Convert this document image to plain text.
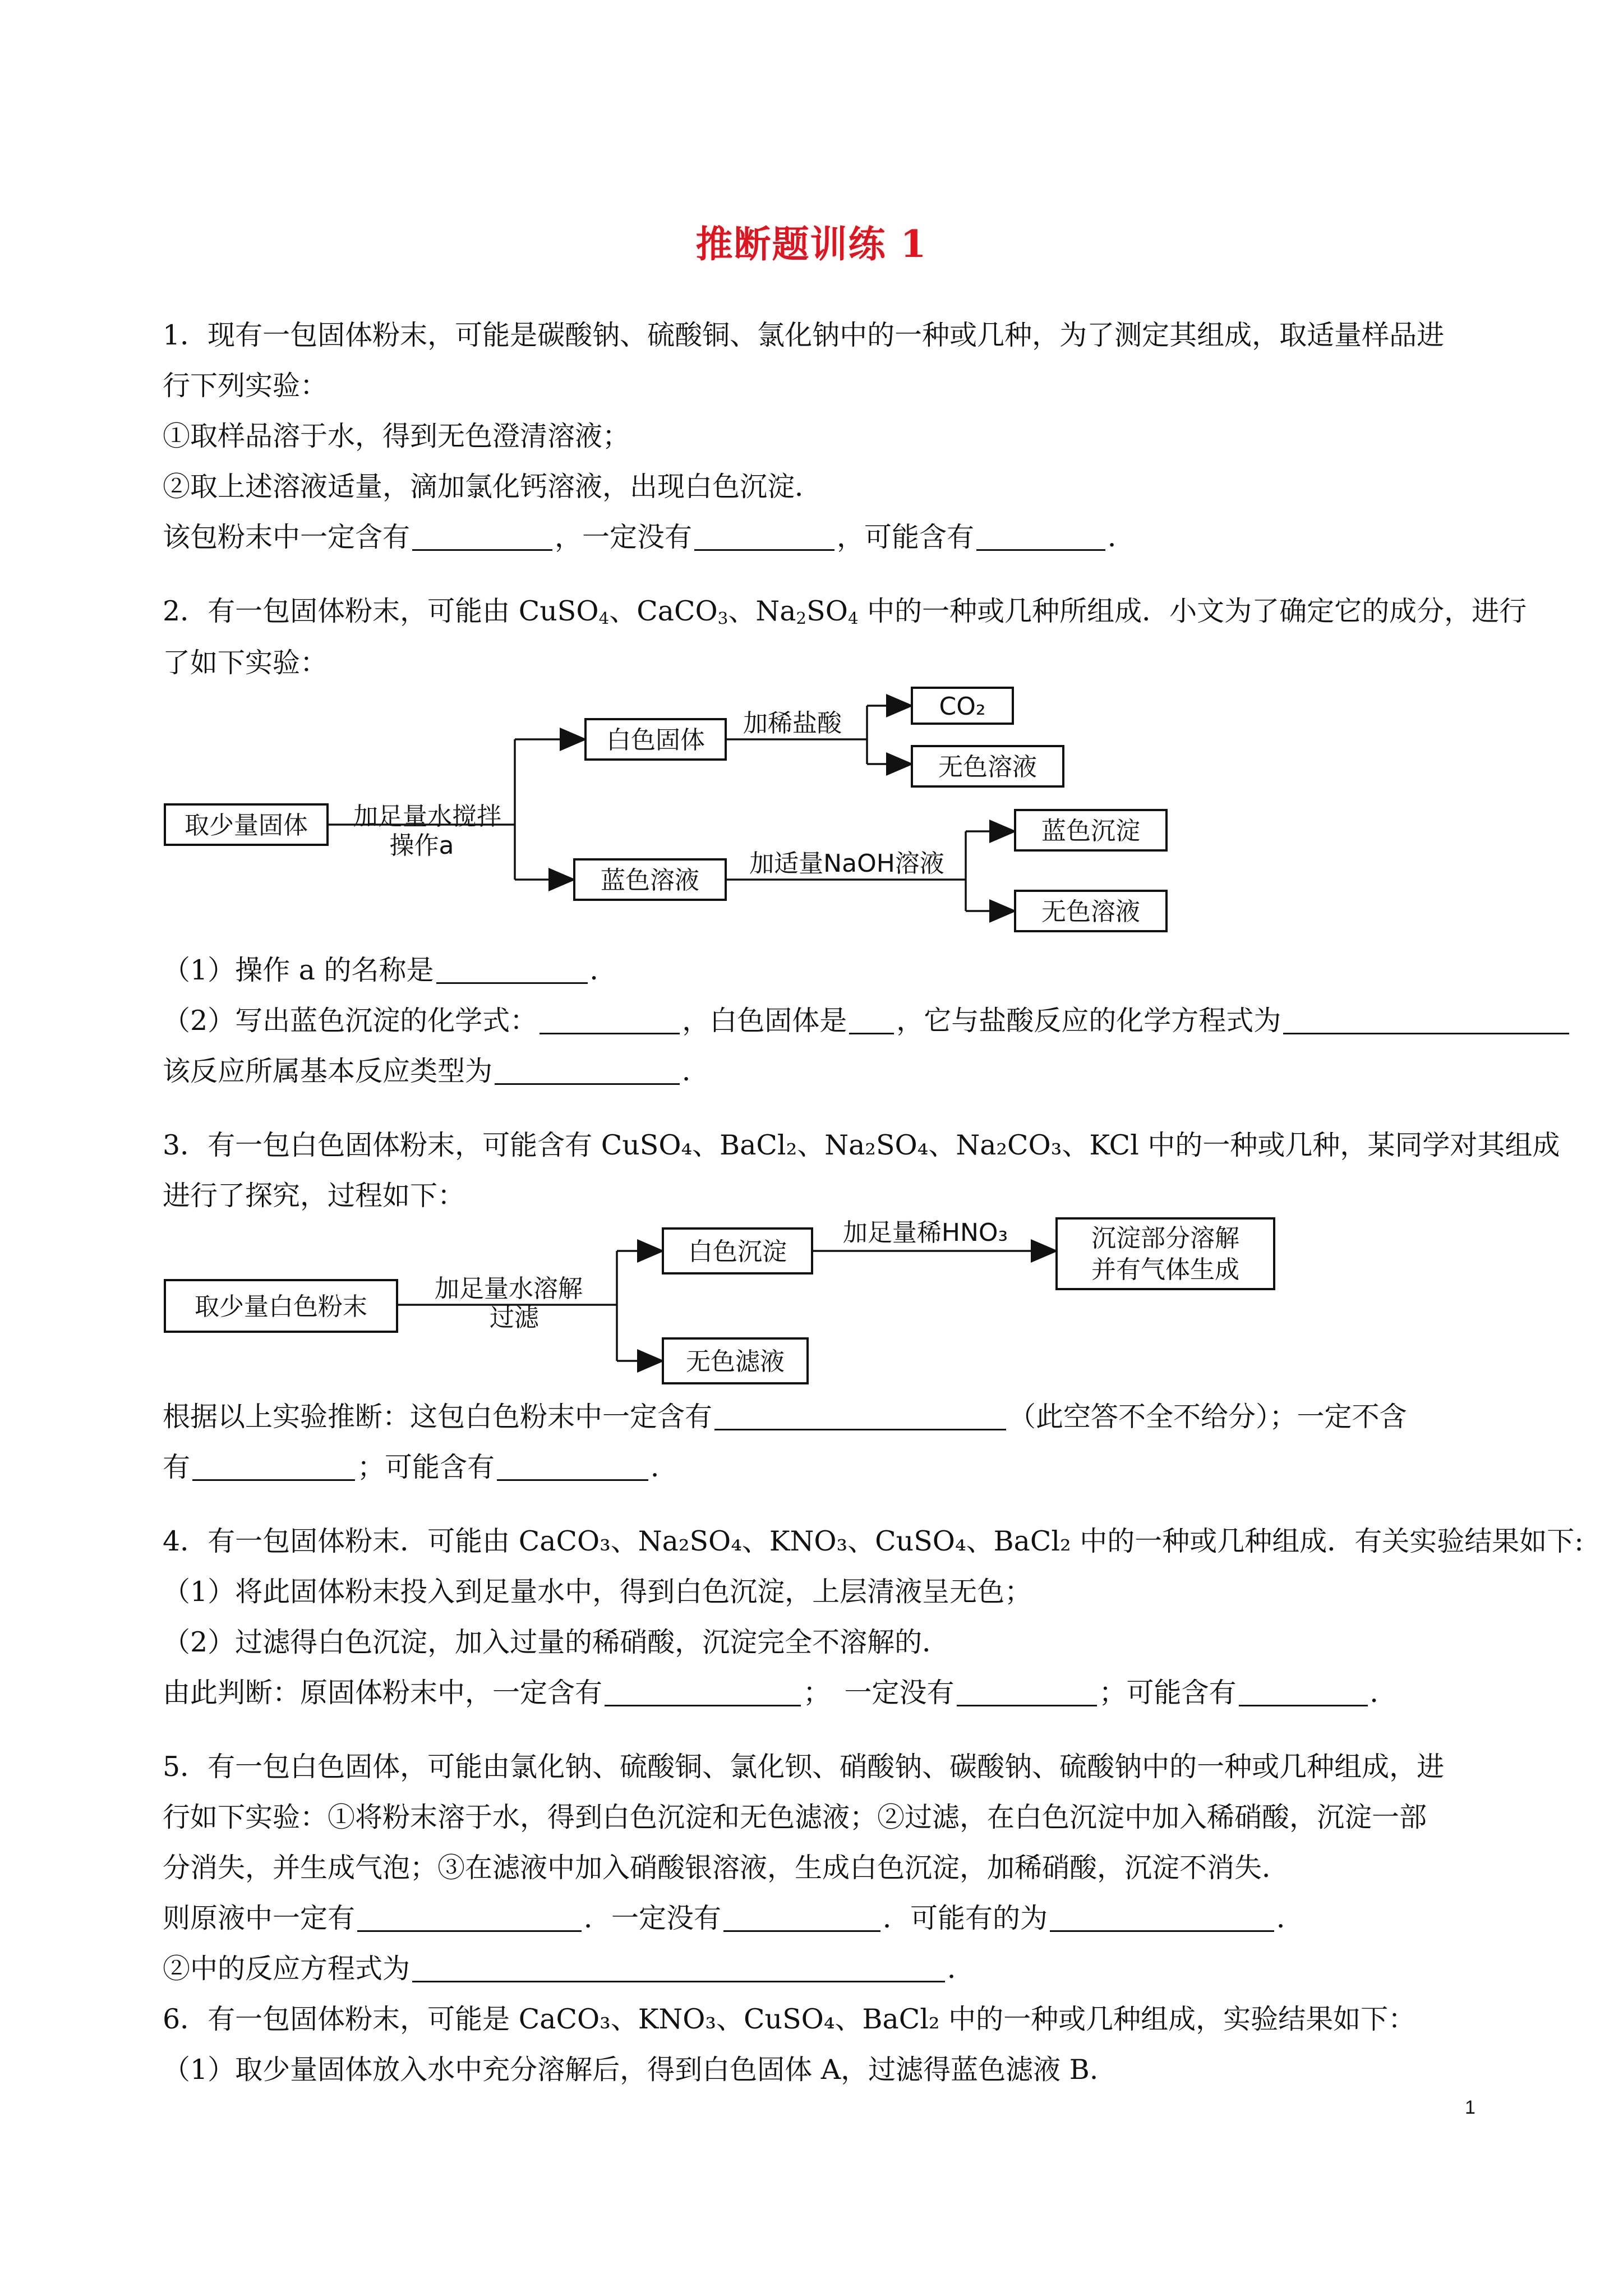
推断题训练 1
1．现有一包固体粉末，可能是碳酸钠、硫酸铜、氯化钠中的一种或几种，为了测定其组成，取适量样品进
行下列实验：
①取样品溶于水，得到无色澄清溶液；
②取上述溶液适量，滴加氯化钙溶液，出现白色沉淀．
该包粉末中一定含有	，一定没有	，可能含有	．
2．有一包固体粉末，可能由 CuSO$_4$、CaCO$_3$、$Na_2SO_4$ 中的一种或几种所组成．小文为了确定它的成分，进行
了如下实验：
取少量固体 加足量水搅拌
操作a
白色固体
加稀盐酸
CO₂
无色溶液
蓝色溶液
加适量NaOH溶液
蓝色沉淀
无色溶液
取少量白色粉末
加足量水溶解
过滤
白色沉淀
加足量稀HNO₃	沉淀部分溶解
并有气体生成
无色滤液
（1）操作 a 的名称是	．
（2）写出蓝色沉淀的化学式：	，白色固体是 ，它与盐酸反应的化学方程式为
该反应所属基本反应类型为	．
3．有一包白色固体粉末，可能含有 CuSO₄、BaCl₂、Na₂SO₄、Na₂CO₃、KCl 中的一种或几种，某同学对其组成
进行了探究，过程如下：
根据以上实验推断：这包白色粉末中一定含有	（此空答不全不给分）；一定不含
有	；可能含有	．
4．有一包固体粉末．可能由 CaCO₃、Na₂SO₄、KNO₃、CuSO₄、BaCl₂ 中的一种或几种组成．有关实验结果如下:
（1）将此固体粉末投入到足量水中，得到白色沉淀，上层清液呈无色；
（2）过滤得白色沉淀，加入过量的稀硝酸，沉淀完全不溶解的．
由此判断：原固体粉末中，一定含有	；　一定没有	；可能含有	．
5．有一包白色固体，可能由氯化钠、硫酸铜、氯化钡、硝酸钠、碳酸钠、硫酸钠中的一种或几种组成，进
行如下实验：①将粉末溶于水，得到白色沉淀和无色滤液；②过滤，在白色沉淀中加入稀硝酸，沉淀一部
分消失，并生成气泡；③在滤液中加入硝酸银溶液，生成白色沉淀，加稀硝酸，沉淀不消失．
则原液中一定有	．一定没有	．可能有的为	．
②中的反应方程式为	．
6．有一包固体粉末，可能是 CaCO₃、KNO₃、CuSO₄、BaCl₂ 中的一种或几种组成，实验结果如下：
（1）取少量固体放入水中充分溶解后，得到白色固体 A，过滤得蓝色滤液 B.
1
